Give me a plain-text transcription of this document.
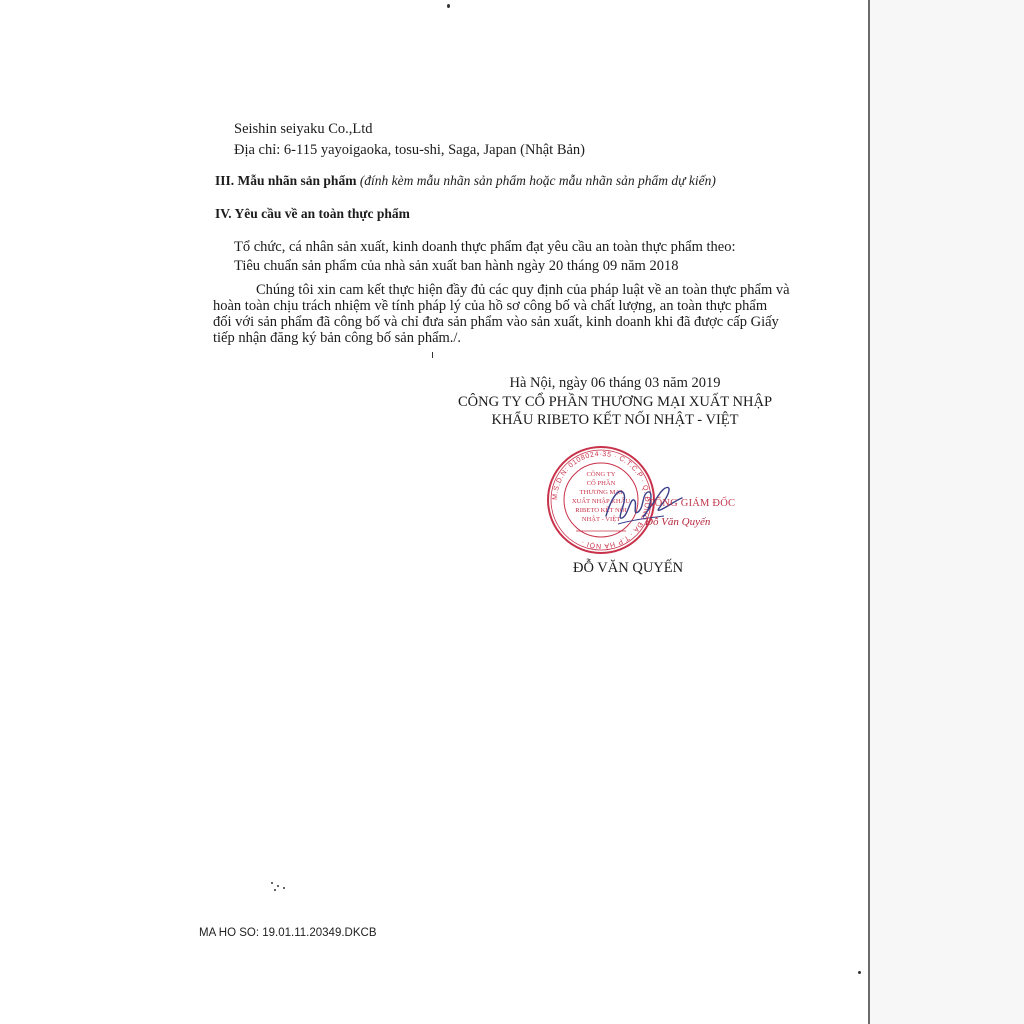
Seishin seiyaku Co.,Ltd
Địa chỉ: 6-115 yayoigaoka, tosu-shi, Saga, Japan (Nhật Bản)
III. Mẫu nhãn sản phẩm (đính kèm mẫu nhãn sản phẩm hoặc mẫu nhãn sản phẩm dự kiến)
IV. Yêu cầu về an toàn thực phẩm
Tổ chức, cá nhân sản xuất, kinh doanh thực phẩm đạt yêu cầu an toàn thực phẩm theo:
Tiêu chuẩn sản phẩm của nhà sản xuất ban hành ngày 20 tháng 09 năm 2018
Chúng tôi xin cam kết thực hiện đầy đủ các quy định của pháp luật về an toàn thực phẩm và
hoàn toàn chịu trách nhiệm về tính pháp lý của hồ sơ công bố và chất lượng, an toàn thực phẩm
đối với sản phẩm đã công bố và chỉ đưa sản phẩm vào sản xuất, kinh doanh khi đã được cấp Giấy
tiếp nhận đăng ký bản công bố sản phẩm./.
Hà Nội, ngày 06 tháng 03 năm 2019
CÔNG TY CỔ PHẦN THƯƠNG MẠI XUẤT NHẬP
KHẨU RIBETO KẾT NỐI NHẬT - VIỆT
M.S.D.N: 0108024·35 · C.T.C.P · Q. ĐỐNG ĐA · T.P HÀ NỘI ·
CÔNG TY
CỔ PHẦN
THƯƠNG MẠI
XUẤT NHẬP KHẨU
RIBETO KẾT NỐI
NHẬT - VIỆT
TỔNG GIÁM ĐỐC
Đỗ Văn Quyến
ĐỖ VĂN QUYẾN
MA HO SO: 19.01.11.20349.DKCB
